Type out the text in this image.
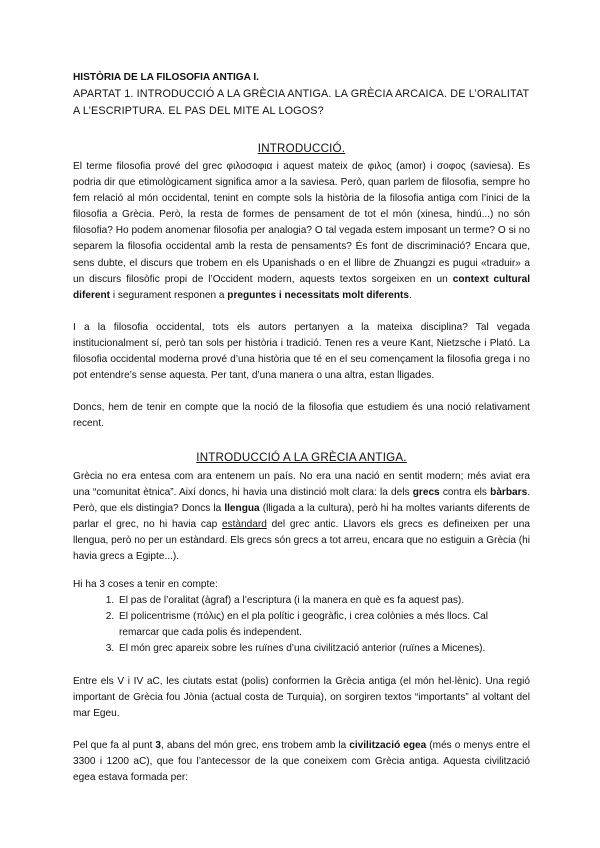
HISTÒRIA DE LA FILOSOFIA ANTIGA I.

APARTAT 1. INTRODUCCIÓ A LA GRÈCIA ANTIGA. LA GRÈCIA ARCAICA. DE L’ORALITAT A L’ESCRIPTURA. EL PAS DEL MITE AL LOGOS?

INTRODUCCIÓ.

El terme filosofia prové del grec φιλοσοφια i aquest mateix de φιλος (amor) i σοφος (saviesa). Es podria dir que etimològicament significa amor a la saviesa. Però, quan parlem de filosofia, sempre ho fem relació al món occidental, tenint en compte sols la història de la filosofia antiga com l’inici de la filosofia a Grècia. Però, la resta de formes de pensament de tot el món (xinesa, hindú...) no són filosofia? Ho podem anomenar filosofia per analogia? O tal vegada estem imposant un terme? O si no separem la filosofia occidental amb la resta de pensaments? És font de discriminació? Encara que, sens dubte, el discurs que trobem en els Upanishads o en el llibre de Zhuangzi es pugui «traduir» a un discurs filosòfic propi de l’Occident modern, aquests textos sorgeixen en un context cultural diferent i segurament responen a preguntes i necessitats molt diferents.

I a la filosofia occidental, tots els autors pertanyen a la mateixa disciplina? Tal vegada institucionalment sí, però tan sols per història i tradició. Tenen res a veure Kant, Nietzsche i Plató. La filosofia occidental moderna prové d’una història que té en el seu començament la filosofia grega i no pot entendre’s sense aquesta. Per tant, d’una manera o una altra, estan lligades.

Doncs, hem de tenir en compte que la noció de la filosofia que estudiem és una noció relativament recent.

INTRODUCCIÓ A LA GRÈCIA ANTIGA.

Grècia no era entesa com ara entenem un país. No era una nació en sentit modern; més aviat era una “comunitat ètnica”. Així doncs, hi havia una distinció molt clara: la dels grecs contra els bàrbars. Però, que els distingia? Doncs la llengua (lligada a la cultura), però hi ha moltes variants diferents de parlar el grec, no hi havia cap estàndard del grec antic. Llavors els grecs es defineixen per una llengua, però no per un estàndard. Els grecs són grecs a tot arreu, encara que no estiguin a Grècia (hi havia grecs a Egipte...).

Hi ha 3 coses a tenir en compte:

1. El pas de l’oralitat (àgraf) a l’escriptura (i la manera en què es fa aquest pas).
2. El policentrisme (πόλις) en el pla polític i geogràfic, i crea colònies a més llocs. Cal remarcar que cada polis és independent.
3. El món grec apareix sobre les ruïnes d’una civilització anterior (ruïnes a Micenes).

Entre els V i IV aC, les ciutats estat (polis) conformen la Grècia antiga (el món hel·lènic). Una regió important de Grècia fou Jònia (actual costa de Turquia), on sorgiren textos “importants” al voltant del mar Egeu.

Pel que fa al punt 3, abans del món grec, ens trobem amb la civilització egea (més o menys entre el 3300 i 1200 aC), que fou l’antecessor de la que coneixem com Grècia antiga. Aquesta civilització egea estava formada per:
